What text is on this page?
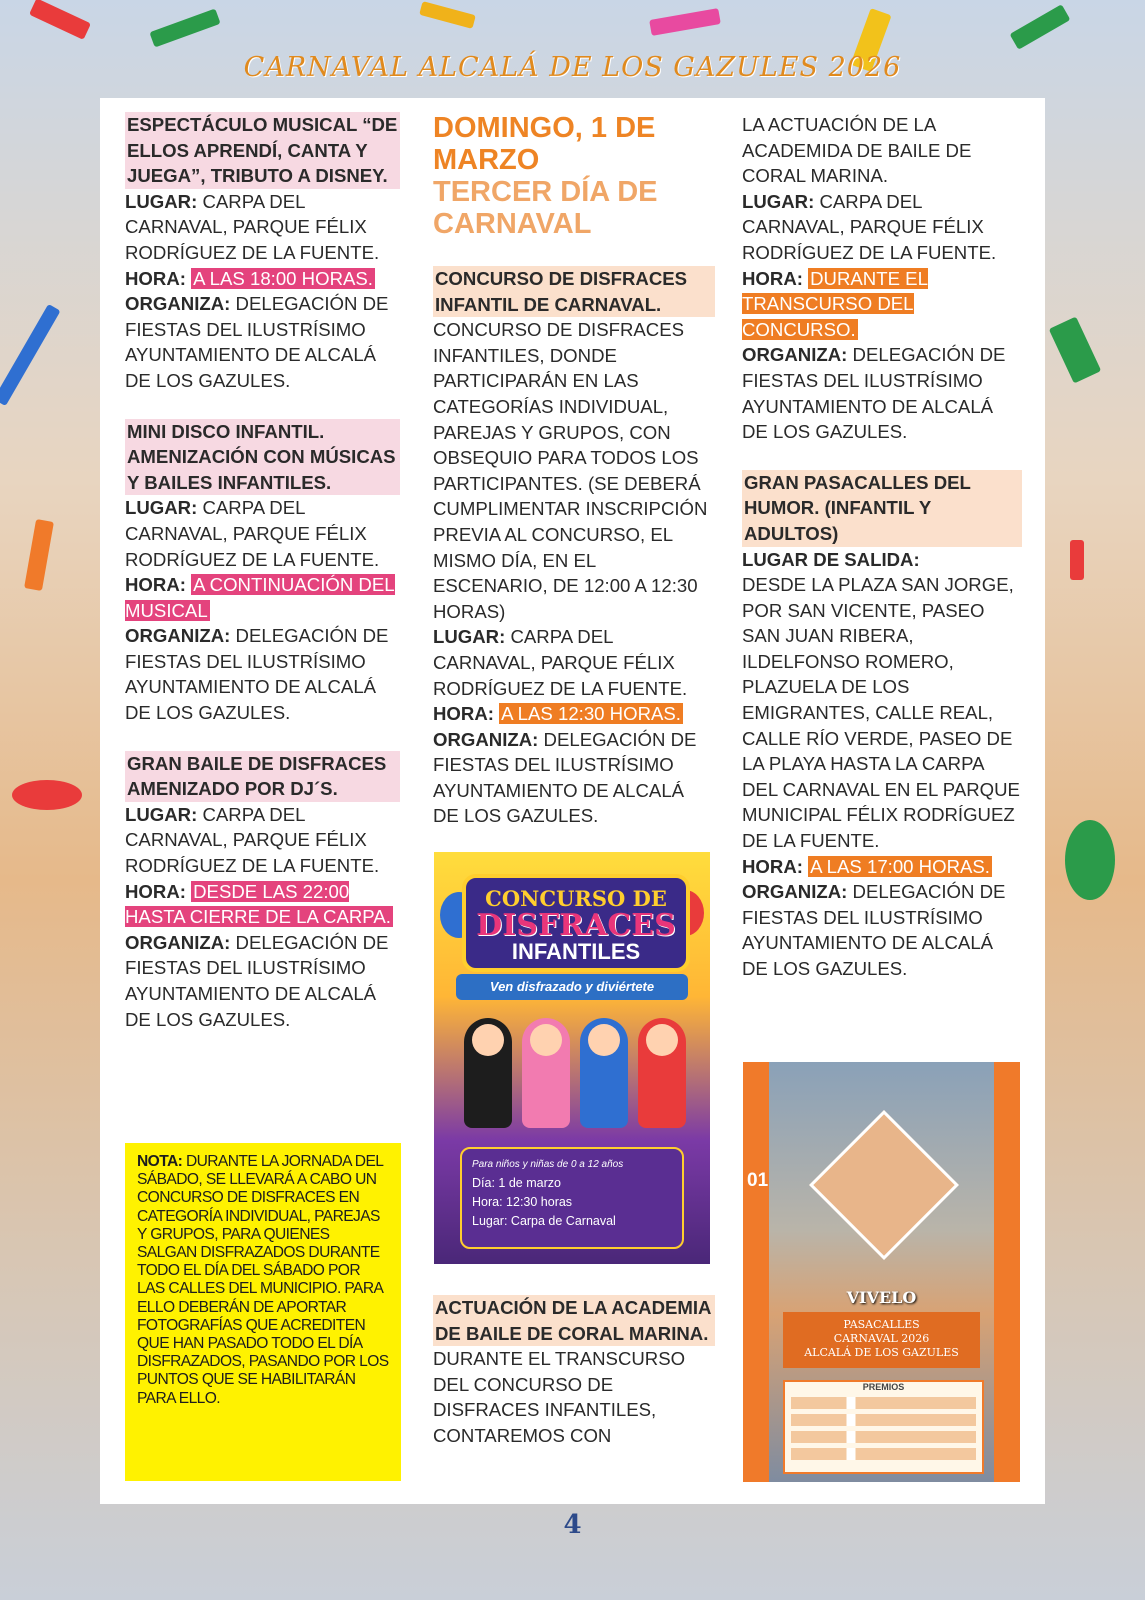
CARNAVAL ALCALÁ DE LOS GAZULES 2026
ESPECTÁCULO MUSICAL “DE ELLOS APRENDÍ, CANTA Y JUEGA”, TRIBUTO A DISNEY.
LUGAR: CARPA DEL CARNAVAL, PARQUE FÉLIX RODRÍGUEZ DE LA FUENTE.
HORA: A LAS 18:00 HORAS.
ORGANIZA: DELEGACIÓN DE FIESTAS DEL ILUSTRÍSIMO AYUNTAMIENTO DE ALCALÁ DE LOS GAZULES.
MINI DISCO INFANTIL. AMENIZACIÓN CON MÚSICAS Y BAILES INFANTILES.
LUGAR: CARPA DEL CARNAVAL, PARQUE FÉLIX RODRÍGUEZ DE LA FUENTE.
HORA: A CONTINUACIÓN DEL MUSICAL
ORGANIZA: DELEGACIÓN DE FIESTAS DEL ILUSTRÍSIMO AYUNTAMIENTO DE ALCALÁ DE LOS GAZULES.
GRAN BAILE DE DISFRACES AMENIZADO POR DJ´S.
LUGAR: CARPA DEL CARNAVAL, PARQUE FÉLIX RODRÍGUEZ DE LA FUENTE.
HORA: DESDE LAS 22:00 HASTA CIERRE DE LA CARPA.
ORGANIZA: DELEGACIÓN DE FIESTAS DEL ILUSTRÍSIMO AYUNTAMIENTO DE ALCALÁ DE LOS GAZULES.
NOTA: DURANTE LA JORNADA DEL SÁBADO, SE LLEVARÁ A CABO UN CONCURSO DE DISFRACES EN CATEGORÍA INDIVIDUAL, PAREJAS Y GRUPOS, PARA QUIENES SALGAN DISFRAZADOS DURANTE TODO EL DÍA DEL SÁBADO POR LAS CALLES DEL MUNICIPIO. PARA ELLO DEBERÁN DE APORTAR FOTOGRAFÍAS QUE ACREDITEN QUE HAN PASADO TODO EL DÍA DISFRAZADOS, PASANDO POR LOS PUNTOS QUE SE HABILITARÁN PARA ELLO.
DOMINGO, 1 DE MARZO
TERCER DÍA DE CARNAVAL
CONCURSO DE DISFRACES INFANTIL DE CARNAVAL.
CONCURSO DE DISFRACES INFANTILES, DONDE PARTICIPARÁN EN LAS CATEGORÍAS INDIVIDUAL, PAREJAS Y GRUPOS, CON OBSEQUIO PARA TODOS LOS PARTICIPANTES. (SE DEBERÁ CUMPLIMENTAR INSCRIPCIÓN PREVIA AL CONCURSO, EL MISMO DÍA, EN EL ESCENARIO, DE 12:00 A 12:30 HORAS)
LUGAR: CARPA DEL CARNAVAL, PARQUE FÉLIX RODRÍGUEZ DE LA FUENTE.
HORA: A LAS 12:30 HORAS.
ORGANIZA: DELEGACIÓN DE FIESTAS DEL ILUSTRÍSIMO AYUNTAMIENTO DE ALCALÁ DE LOS GAZULES.
CONCURSO DE
DISFRACES
INFANTILES
Ven disfrazado y diviértete
Para niños y niñas de 0 a 12 años
Día: 1 de marzo
Hora: 12:30 horas
Lugar: Carpa de Carnaval
ACTUACIÓN DE LA ACADEMIA DE BAILE DE CORAL MARINA.
DURANTE EL TRANSCURSO DEL CONCURSO DE DISFRACES INFANTILES, CONTAREMOS CON
LA ACTUACIÓN DE LA ACADEMIDA DE BAILE DE CORAL MARINA.
LUGAR: CARPA DEL CARNAVAL, PARQUE FÉLIX RODRÍGUEZ DE LA FUENTE.
HORA: DURANTE EL TRANSCURSO DEL CONCURSO.
ORGANIZA: DELEGACIÓN DE FIESTAS DEL ILUSTRÍSIMO AYUNTAMIENTO DE ALCALÁ DE LOS GAZULES.
GRAN PASACALLES DEL HUMOR. (INFANTIL Y ADULTOS)
LUGAR DE SALIDA:
DESDE LA PLAZA SAN JORGE, POR SAN VICENTE, PASEO SAN JUAN RIBERA, ILDELFONSO ROMERO, PLAZUELA DE LOS EMIGRANTES, CALLE REAL, CALLE RÍO VERDE, PASEO DE LA PLAYA HASTA LA CARPA DEL CARNAVAL EN EL PARQUE MUNICIPAL FÉLIX RODRÍGUEZ DE LA FUENTE.
HORA: A LAS 17:00 HORAS.
ORGANIZA: DELEGACIÓN DE FIESTAS DEL ILUSTRÍSIMO AYUNTAMIENTO DE ALCALÁ DE LOS GAZULES.
01
VIVELO
PASACALLES
CARNAVAL 2026
ALCALÁ DE LOS GAZULES
PREMIOS
4
